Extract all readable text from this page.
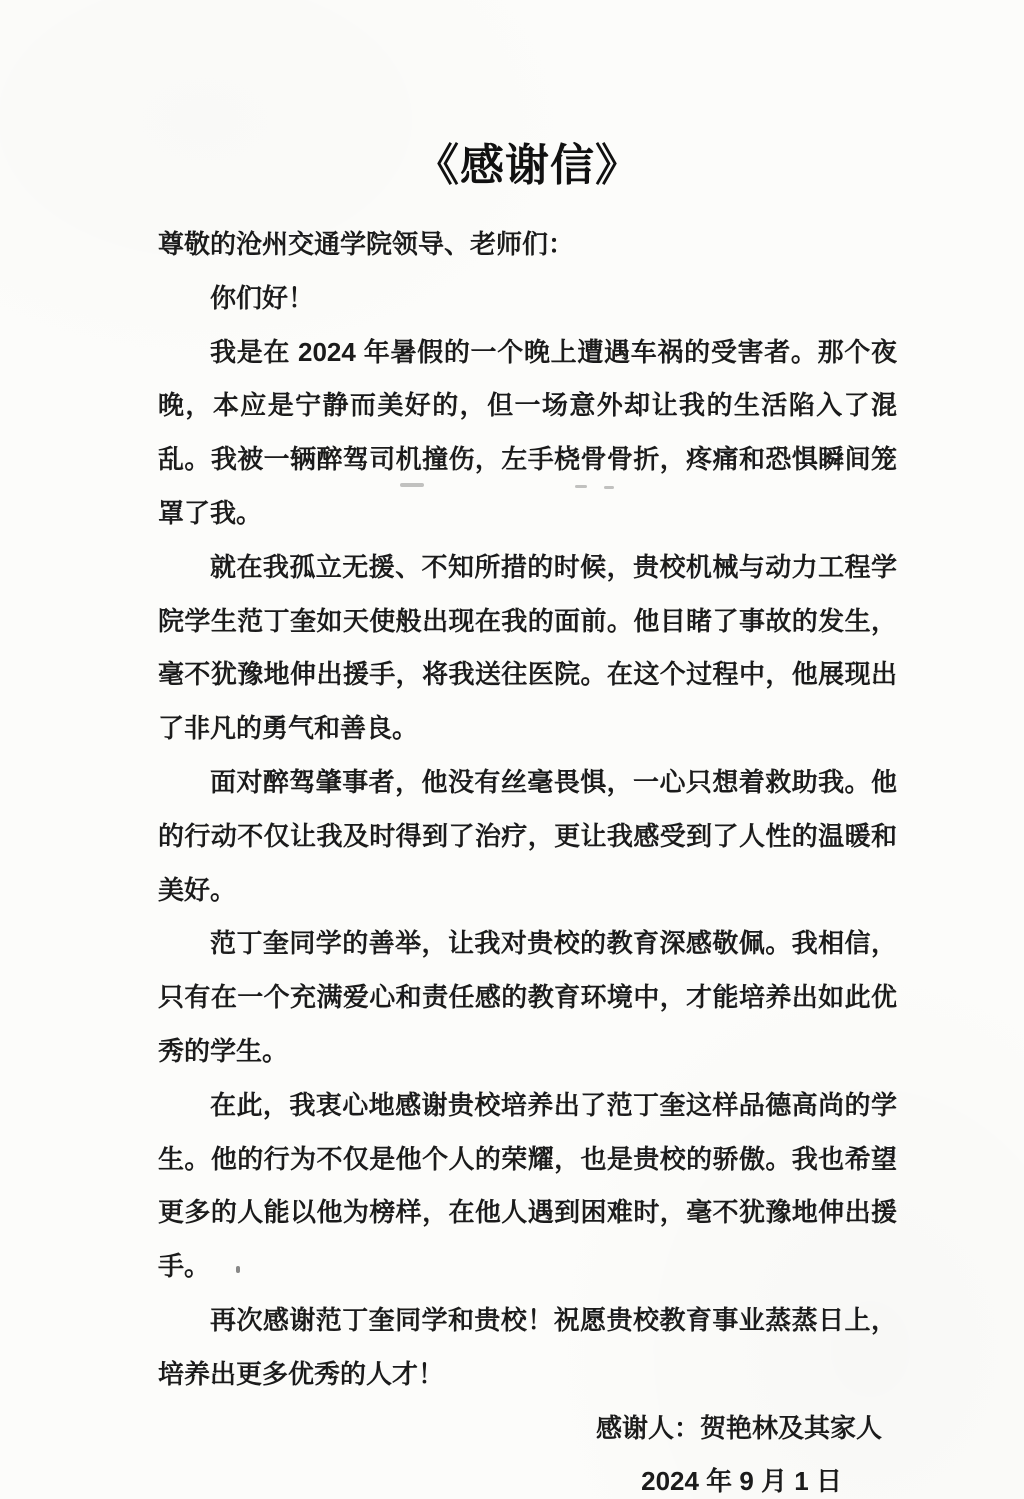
《感谢信》

尊敬的沧州交通学院领导、老师们：

你们好！

我是在 2024 年暑假的一个晚上遭遇车祸的受害者。那个夜晚，本应是宁静而美好的，但一场意外却让我的生活陷入了混乱。我被一辆醉驾司机撞伤，左手桡骨骨折，疼痛和恐惧瞬间笼罩了我。

就在我孤立无援、不知所措的时候，贵校机械与动力工程学院学生范丁奎如天使般出现在我的面前。他目睹了事故的发生，毫不犹豫地伸出援手，将我送往医院。在这个过程中，他展现出了非凡的勇气和善良。

面对醉驾肇事者，他没有丝毫畏惧，一心只想着救助我。他的行动不仅让我及时得到了治疗，更让我感受到了人性的温暖和美好。

范丁奎同学的善举，让我对贵校的教育深感敬佩。我相信，只有在一个充满爱心和责任感的教育环境中，才能培养出如此优秀的学生。

在此，我衷心地感谢贵校培养出了范丁奎这样品德高尚的学生。他的行为不仅是他个人的荣耀，也是贵校的骄傲。我也希望更多的人能以他为榜样，在他人遇到困难时，毫不犹豫地伸出援手。

再次感谢范丁奎同学和贵校！祝愿贵校教育事业蒸蒸日上，培养出更多优秀的人才！

感谢人：贺艳林及其家人

2024 年 9 月 1 日
